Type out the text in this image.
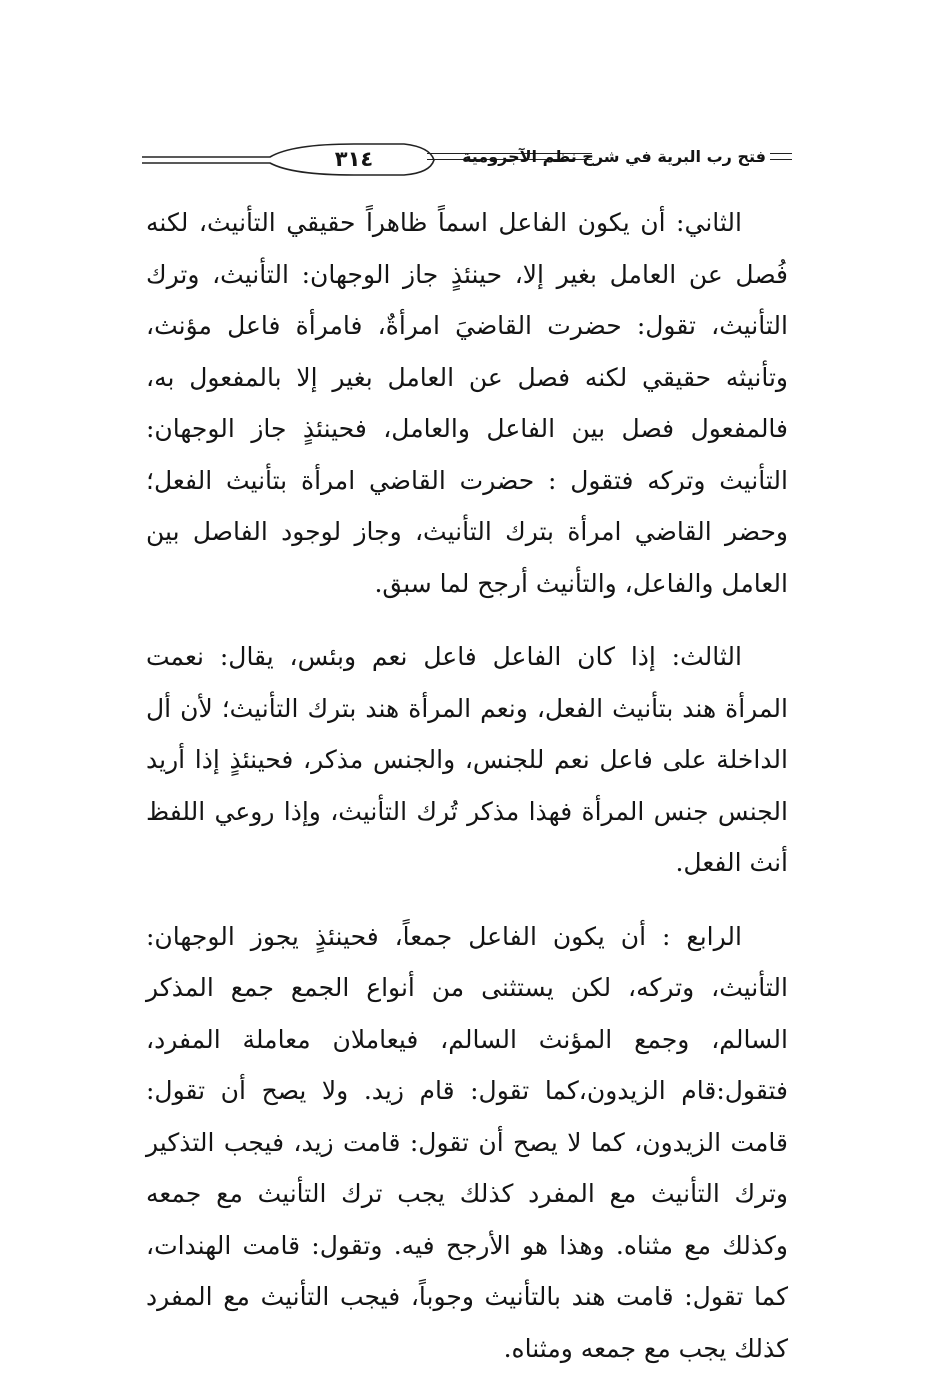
٣١٤	فتح رب البرية في شرح نظم الآجرومية

الثاني: أن يكون الفاعل اسماً ظاهراً حقيقي التأنيث، لكنه فُصل عن العامل بغير إلا، حينئذٍ جاز الوجهان: التأنيث، وترك التأنيث، تقول: حضرت القاضيَ امرأةٌ، فامرأة فاعل مؤنث، وتأنيثه حقيقي لكنه فصل عن العامل بغير إلا بالمفعول به، فالمفعول فصل بين الفاعل والعامل، فحينئذٍ جاز الوجهان: التأنيث وتركه فتقول : حضرت القاضي امرأة بتأنيث الفعل؛ وحضر القاضي امرأة بترك التأنيث، وجاز لوجود الفاصل بين العامل والفاعل، والتأنيث أرجح لما سبق.

الثالث: إذا كان الفاعل فاعل نعم وبئس، يقال: نعمت المرأة هند بتأنيث الفعل، ونعم المرأة هند بترك التأنيث؛ لأن أل الداخلة على فاعل نعم للجنس، والجنس مذكر، فحينئذٍ إذا أريد الجنس جنس المرأة فهذا مذكر تُرك التأنيث، وإذا روعي اللفظ أنث الفعل.

الرابع : أن يكون الفاعل جمعاً، فحينئذٍ يجوز الوجهان: التأنيث، وتركه، لكن يستثنى من أنواع الجمع جمع المذكر السالم، وجمع المؤنث السالم، فيعاملان معاملة المفرد، فتقول:قام الزيدون،كما تقول: قام زيد. ولا يصح أن تقول: قامت الزيدون، كما لا يصح أن تقول: قامت زيد، فيجب التذكير وترك التأنيث مع المفرد كذلك يجب ترك التأنيث مع جمعه وكذلك مع مثناه. وهذا هو الأرجح فيه. وتقول: قامت الهندات، كما تقول: قامت هند بالتأنيث وجوباً، فيجب التأنيث مع المفرد كذلك يجب مع جمعه ومثناه.
